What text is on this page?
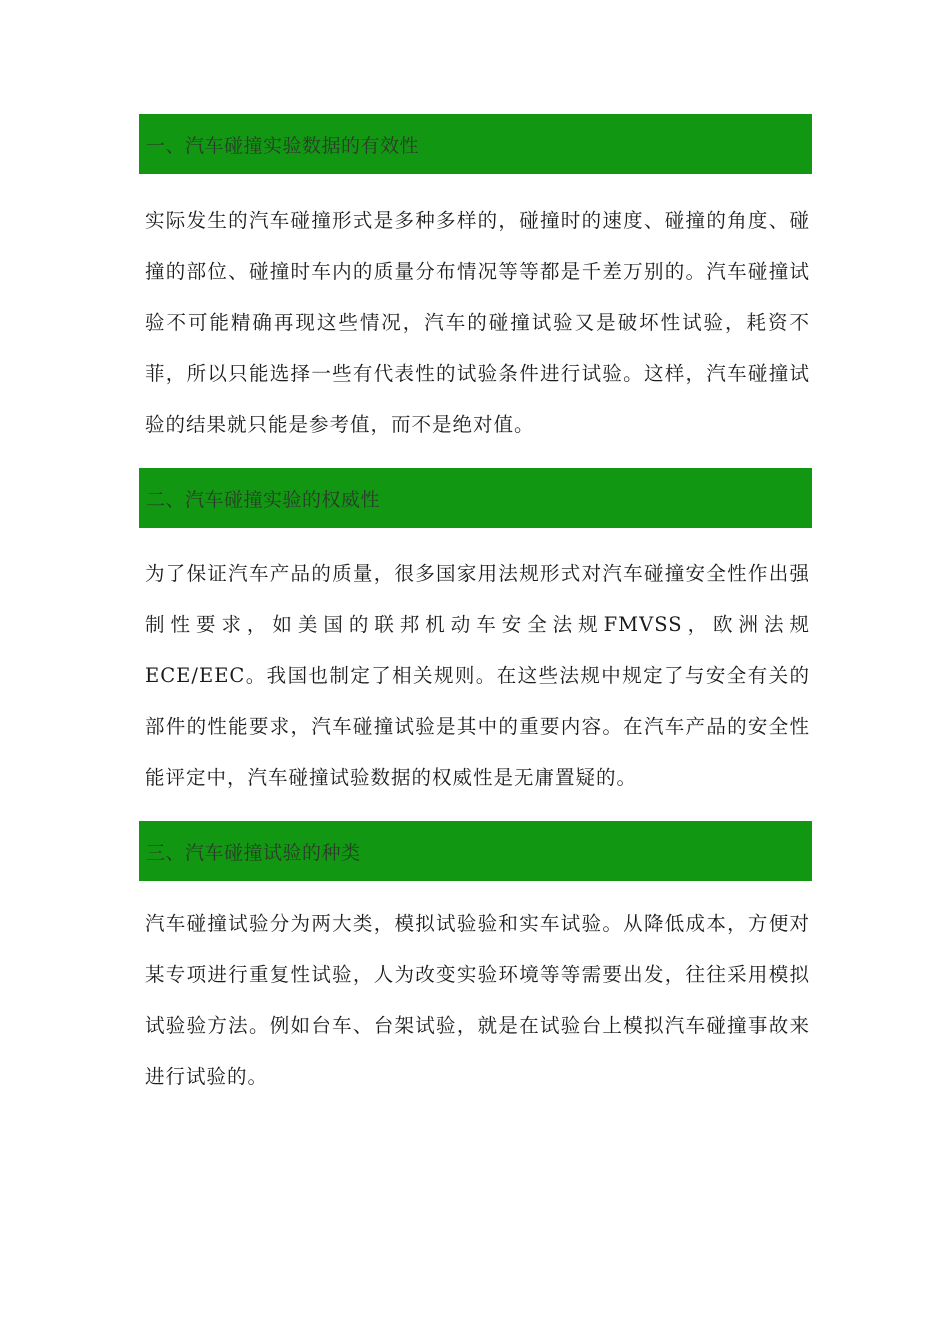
一、汽车碰撞实验数据的有效性

实际发生的汽车碰撞形式是多种多样的，碰撞时的速度、碰撞的角度、碰撞的部位、碰撞时车内的质量分布情况等等都是千差万别的。汽车碰撞试验不可能精确再现这些情况，汽车的碰撞试验又是破坏性试验，耗资不菲，所以只能选择一些有代表性的试验条件进行试验。这样，汽车碰撞试验的结果就只能是参考值，而不是绝对值。

二、汽车碰撞实验的权威性

为了保证汽车产品的质量，很多国家用法规形式对汽车碰撞安全性作出强制性要求，如美国的联邦机动车安全法规FMVSS，欧洲法规ECE/EEC。我国也制定了相关规则。在这些法规中规定了与安全有关的部件的性能要求，汽车碰撞试验是其中的重要内容。在汽车产品的安全性能评定中，汽车碰撞试验数据的权威性是无庸置疑的。

三、汽车碰撞试验的种类

汽车碰撞试验分为两大类，模拟试验验和实车试验。从降低成本，方便对某专项进行重复性试验，人为改变实验环境等等需要出发，往往采用模拟试验验方法。例如台车、台架试验，就是在试验台上模拟汽车碰撞事故来进行试验的。
